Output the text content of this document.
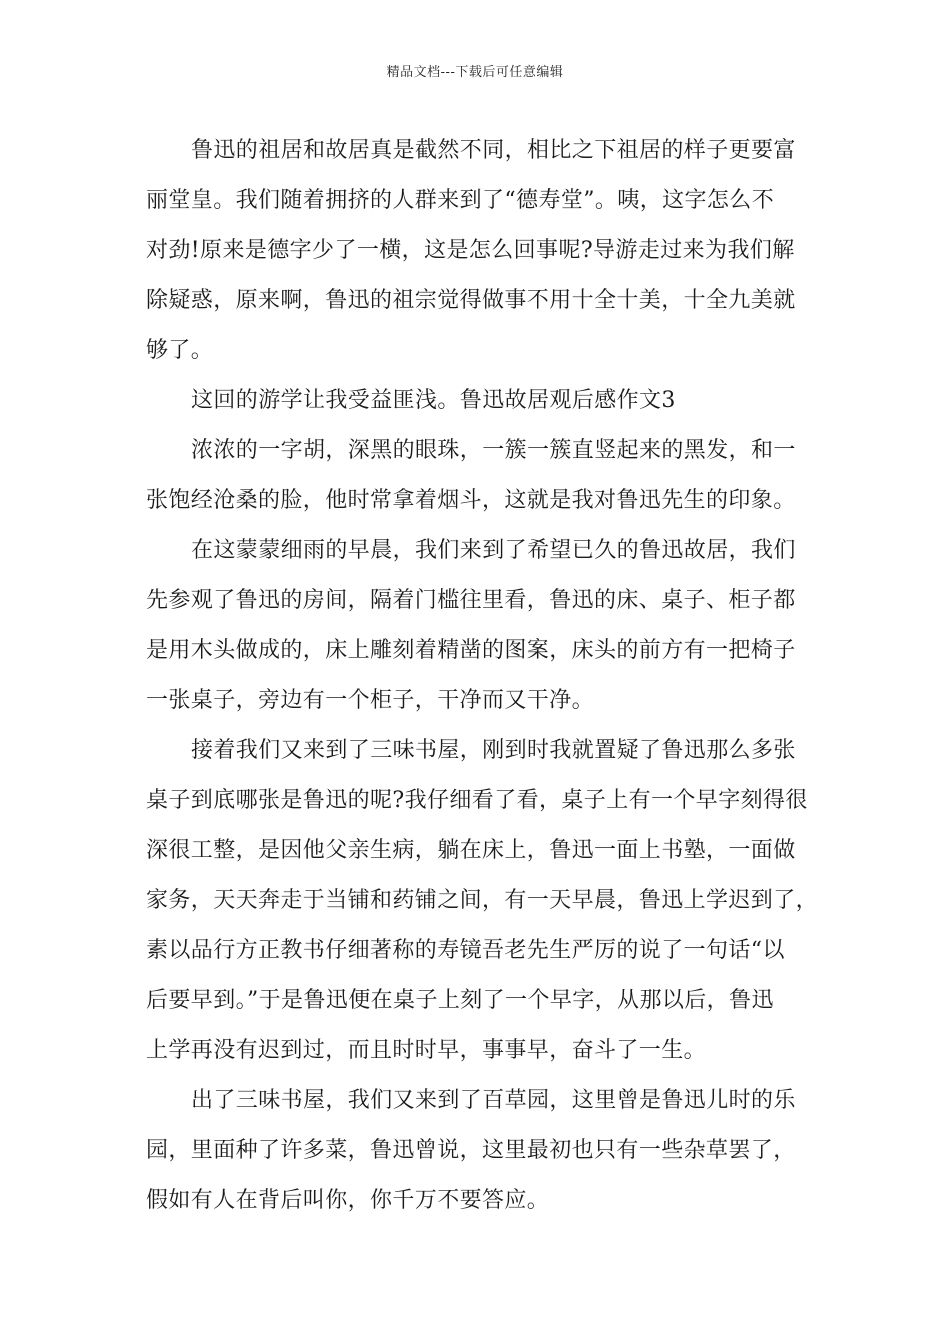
精品文档---下载后可任意编辑
鲁迅的祖居和故居真是截然不同，相比之下祖居的样子更要富
丽堂皇。我们随着拥挤的人群来到了“德寿堂”。咦，这字怎么不
对劲!原来是德字少了一横，这是怎么回事呢?导游走过来为我们解
除疑惑，原来啊，鲁迅的祖宗觉得做事不用十全十美，十全九美就
够了。
这回的游学让我受益匪浅。鲁迅故居观后感作文3
浓浓的一字胡，深黑的眼珠，一簇一簇直竖起来的黑发，和一
张饱经沧桑的脸，他时常拿着烟斗，这就是我对鲁迅先生的印象。
在这蒙蒙细雨的早晨，我们来到了希望已久的鲁迅故居，我们
先参观了鲁迅的房间，隔着门槛往里看，鲁迅的床、桌子、柜子都
是用木头做成的，床上雕刻着精凿的图案，床头的前方有一把椅子
一张桌子，旁边有一个柜子，干净而又干净。
接着我们又来到了三味书屋，刚到时我就置疑了鲁迅那么多张
桌子到底哪张是鲁迅的呢?我仔细看了看，桌子上有一个早字刻得很
深很工整，是因他父亲生病，躺在床上，鲁迅一面上书塾，一面做
家务，天天奔走于当铺和药铺之间，有一天早晨，鲁迅上学迟到了，
素以品行方正教书仔细著称的寿镜吾老先生严厉的说了一句话“以
后要早到。”于是鲁迅便在桌子上刻了一个早字，从那以后，鲁迅
上学再没有迟到过，而且时时早，事事早，奋斗了一生。
出了三味书屋，我们又来到了百草园，这里曾是鲁迅儿时的乐
园，里面种了许多菜，鲁迅曾说，这里最初也只有一些杂草罢了，
假如有人在背后叫你，你千万不要答应。
